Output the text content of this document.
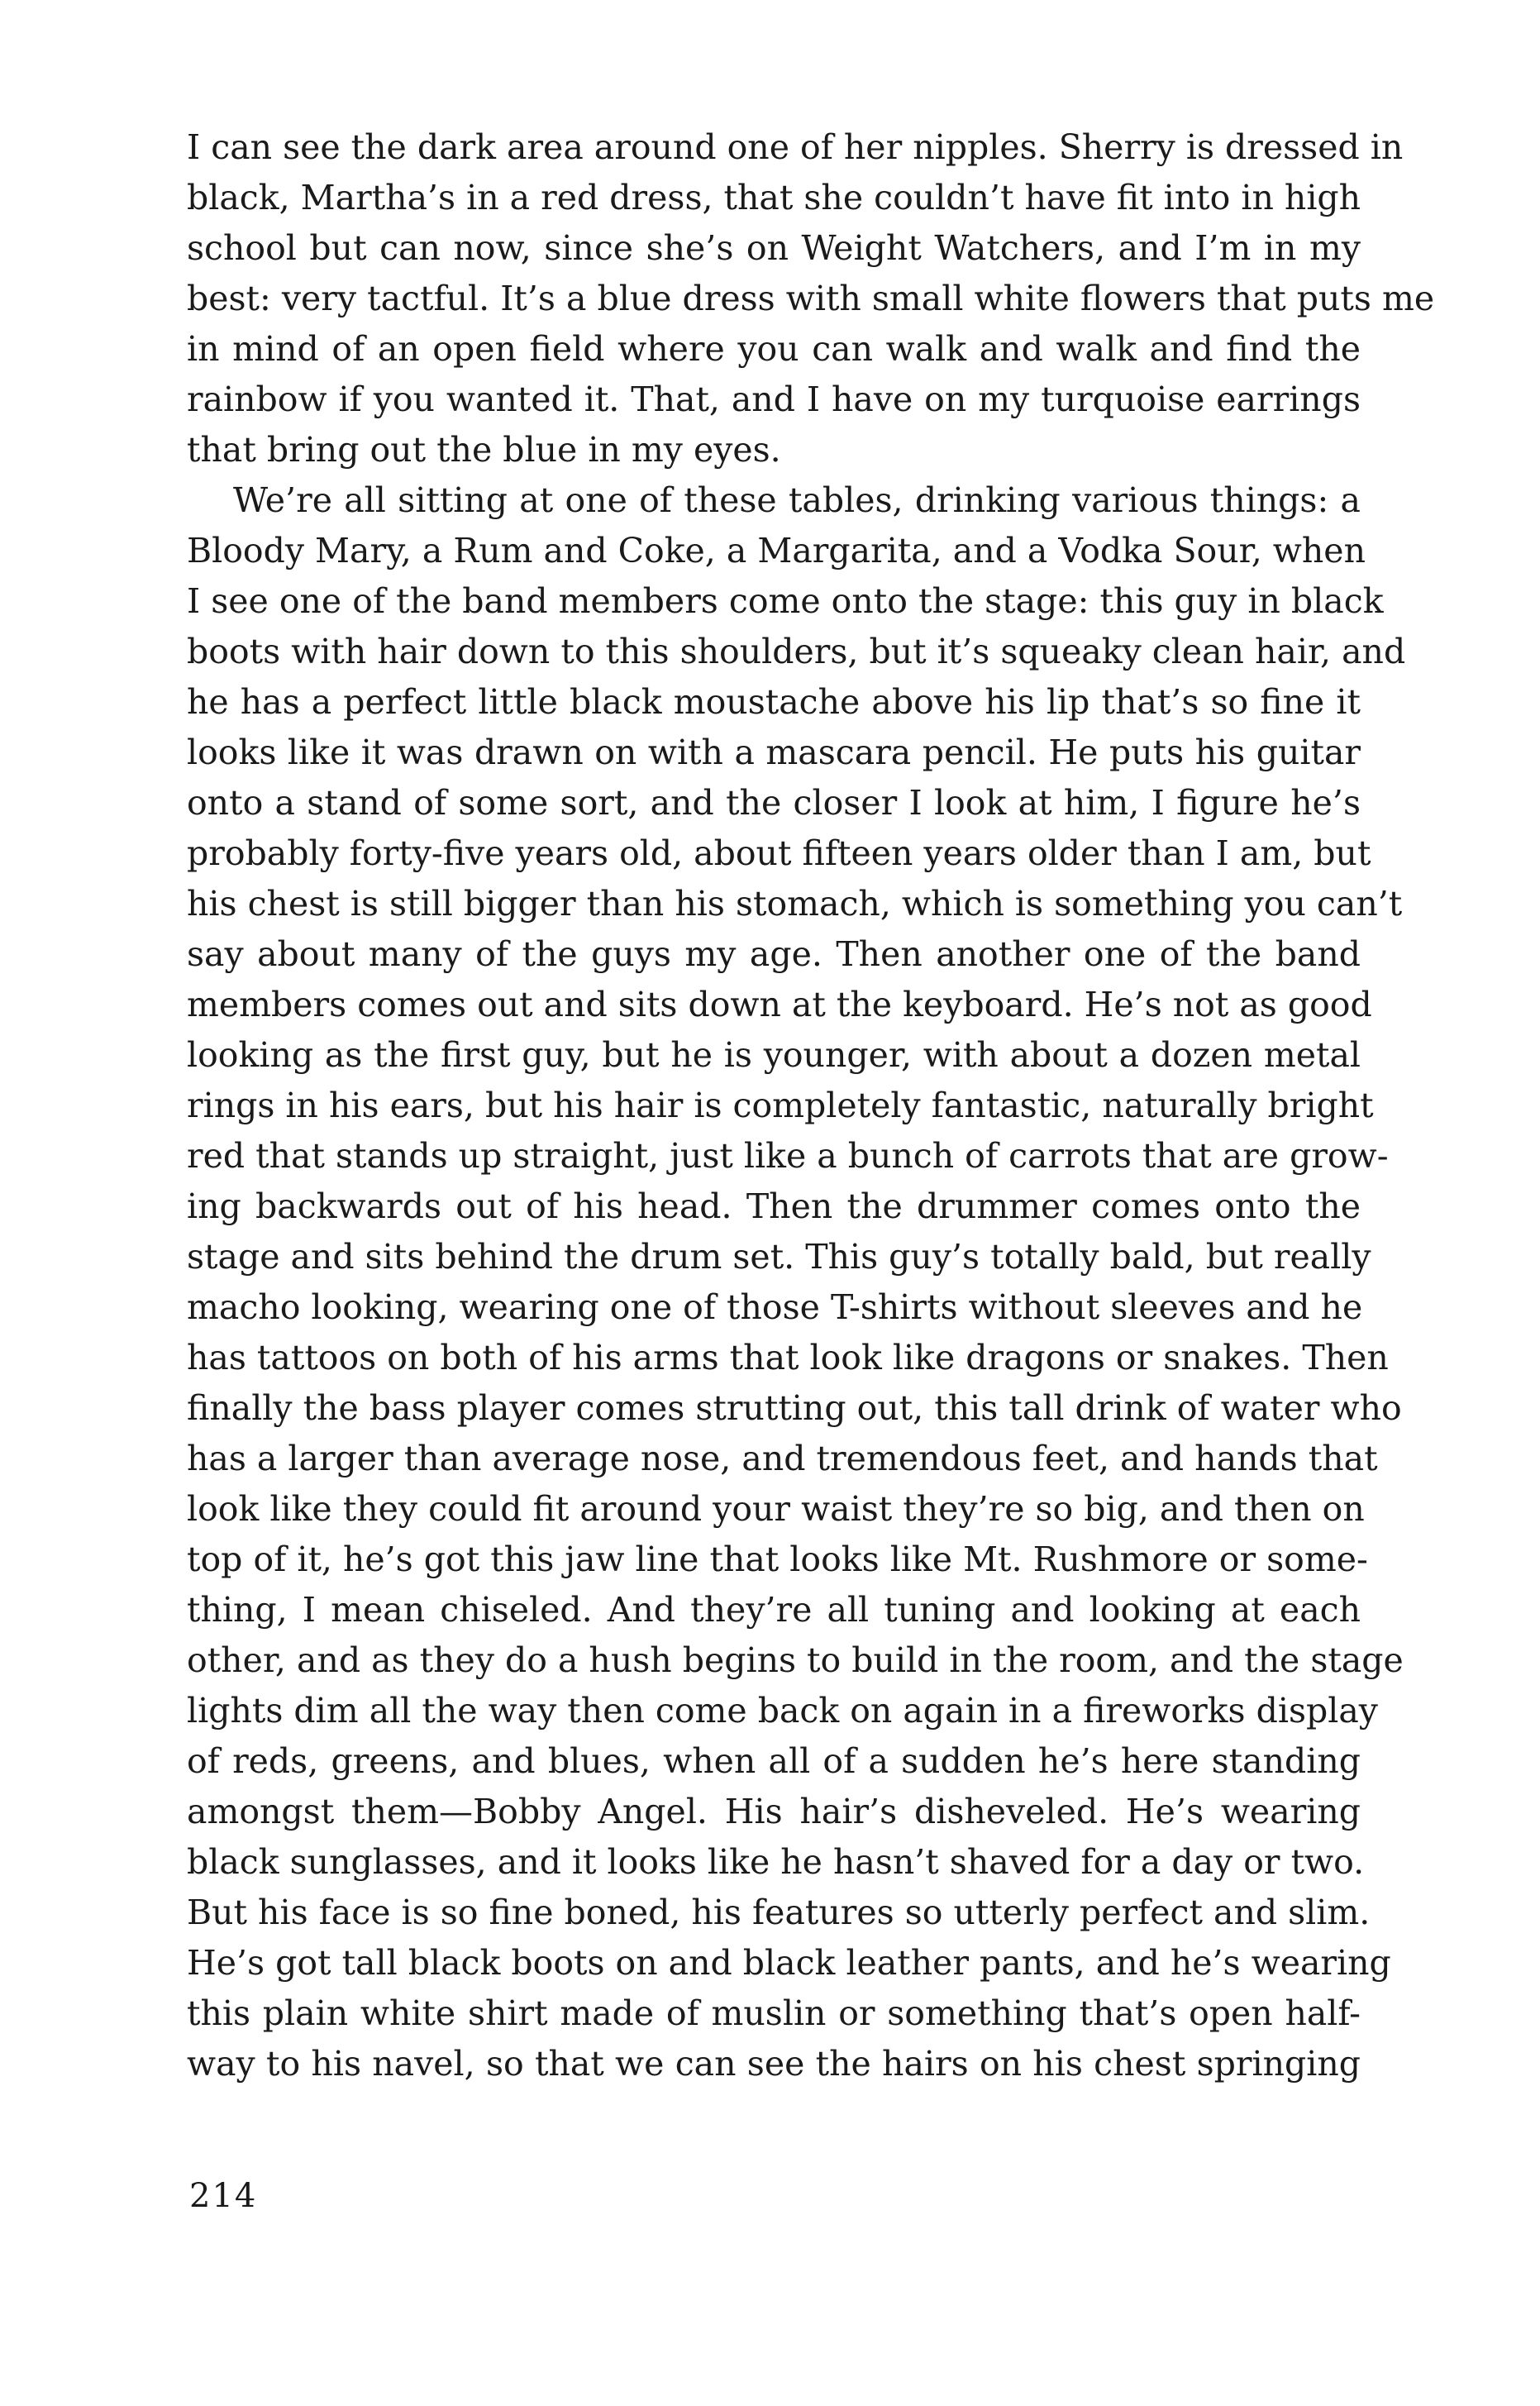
I can see the dark area around one of her nipples. Sherry is dressed in
black, Martha’s in a red dress, that she couldn’t have fit into in high
school but can now, since she’s on Weight Watchers, and I’m in my
best: very tactful. It’s a blue dress with small white flowers that puts me
in mind of an open field where you can walk and walk and find the
rainbow if you wanted it. That, and I have on my turquoise earrings
that bring out the blue in my eyes.
We’re all sitting at one of these tables, drinking various things: a
Bloody Mary, a Rum and Coke, a Margarita, and a Vodka Sour, when
I see one of the band members come onto the stage: this guy in black
boots with hair down to this shoulders, but it’s squeaky clean hair, and
he has a perfect little black moustache above his lip that’s so fine it
looks like it was drawn on with a mascara pencil. He puts his guitar
onto a stand of some sort, and the closer I look at him, I figure he’s
probably forty-five years old, about fifteen years older than I am, but
his chest is still bigger than his stomach, which is something you can’t
say about many of the guys my age. Then another one of the band
members comes out and sits down at the keyboard. He’s not as good
looking as the first guy, but he is younger, with about a dozen metal
rings in his ears, but his hair is completely fantastic, naturally bright
red that stands up straight, just like a bunch of carrots that are grow-
ing backwards out of his head. Then the drummer comes onto the
stage and sits behind the drum set. This guy’s totally bald, but really
macho looking, wearing one of those T-shirts without sleeves and he
has tattoos on both of his arms that look like dragons or snakes. Then
finally the bass player comes strutting out, this tall drink of water who
has a larger than average nose, and tremendous feet, and hands that
look like they could fit around your waist they’re so big, and then on
top of it, he’s got this jaw line that looks like Mt. Rushmore or some-
thing, I mean chiseled. And they’re all tuning and looking at each
other, and as they do a hush begins to build in the room, and the stage
lights dim all the way then come back on again in a fireworks display
of reds, greens, and blues, when all of a sudden he’s here standing
amongst them—Bobby Angel. His hair’s disheveled. He’s wearing
black sunglasses, and it looks like he hasn’t shaved for a day or two.
But his face is so fine boned, his features so utterly perfect and slim.
He’s got tall black boots on and black leather pants, and he’s wearing
this plain white shirt made of muslin or something that’s open half-
way to his navel, so that we can see the hairs on his chest springing
214
